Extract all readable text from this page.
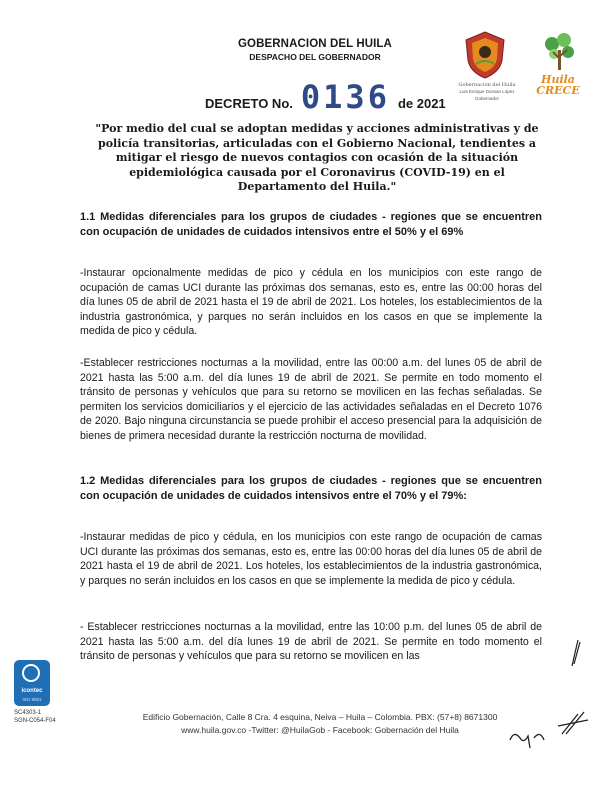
GOBERNACION DEL HUILA
DESPACHO DEL GOBERNADOR
DECRETO No. 0136 de 2021
Gobernación del Huila
Luis Enrique Dussan López
Gobernador
Huila
CRECE
"Por medio del cual se adoptan medidas y acciones administrativas y de policía transitorias, articuladas con el Gobierno Nacional, tendientes a mitigar el riesgo de nuevos contagios con ocasión de la situación epidemiológica causada por el Coronavirus (COVID-19) en el Departamento del Huila."
1.1 Medidas diferenciales para los grupos de ciudades - regiones que se encuentren con ocupación de unidades de cuidados intensivos entre el 50% y el 69%
-Instaurar opcionalmente medidas de pico y cédula en los municipios con este rango de ocupación de camas UCI durante las próximas dos semanas, esto es, entre las 00:00 horas del día lunes 05 de abril de 2021 hasta el 19 de abril de 2021. Los hoteles, los establecimientos de la industria gastronómica, y parques no serán incluidos en los casos en que se implemente la medida de pico y cédula.
-Establecer restricciones nocturnas a la movilidad, entre las 00:00 a.m. del lunes 05 de abril de 2021 hasta las 5:00 a.m. del día lunes 19 de abril de 2021. Se permite en todo momento el tránsito de personas y vehículos que para su retorno se movilicen en las fechas señaladas. Se permiten los servicios domiciliarios y el ejercicio de las actividades señaladas en el Decreto 1076 de 2020. Bajo ninguna circunstancia se puede prohibir el acceso presencial para la adquisición de bienes de primera necesidad durante la restricción nocturna de movilidad.
1.2 Medidas diferenciales para los grupos de ciudades - regiones que se encuentren con ocupación de unidades de cuidados intensivos entre el 70% y el 79%:
-Instaurar medidas de pico y cédula, en los municipios con este rango de ocupación de camas UCI durante las próximas dos semanas, esto es, entre las 00:00 horas del día lunes 05 de abril de 2021 hasta el 19 de abril de 2021. Los hoteles, los establecimientos de la industria gastronómica, y parques no serán incluidos en los casos en que se implemente la medida de pico y cédula.
- Establecer restricciones nocturnas a la movilidad, entre las 10:00 p.m. del lunes 05 de abril de 2021 hasta las 5:00 a.m. del día lunes 19 de abril de 2021. Se permite en todo momento el tránsito de personas y vehículos que para su retorno se movilicen en las
icontec
ISO 9001
SC4303-1
SGN-C054-F04	Edificio Gobernación, Calle 8 Cra. 4 esquina, Neiva – Huila – Colombia. PBX: (57+8) 8671300
www.huila.gov.co -Twitter: @HuilaGob - Facebook: Gobernación del Huila
